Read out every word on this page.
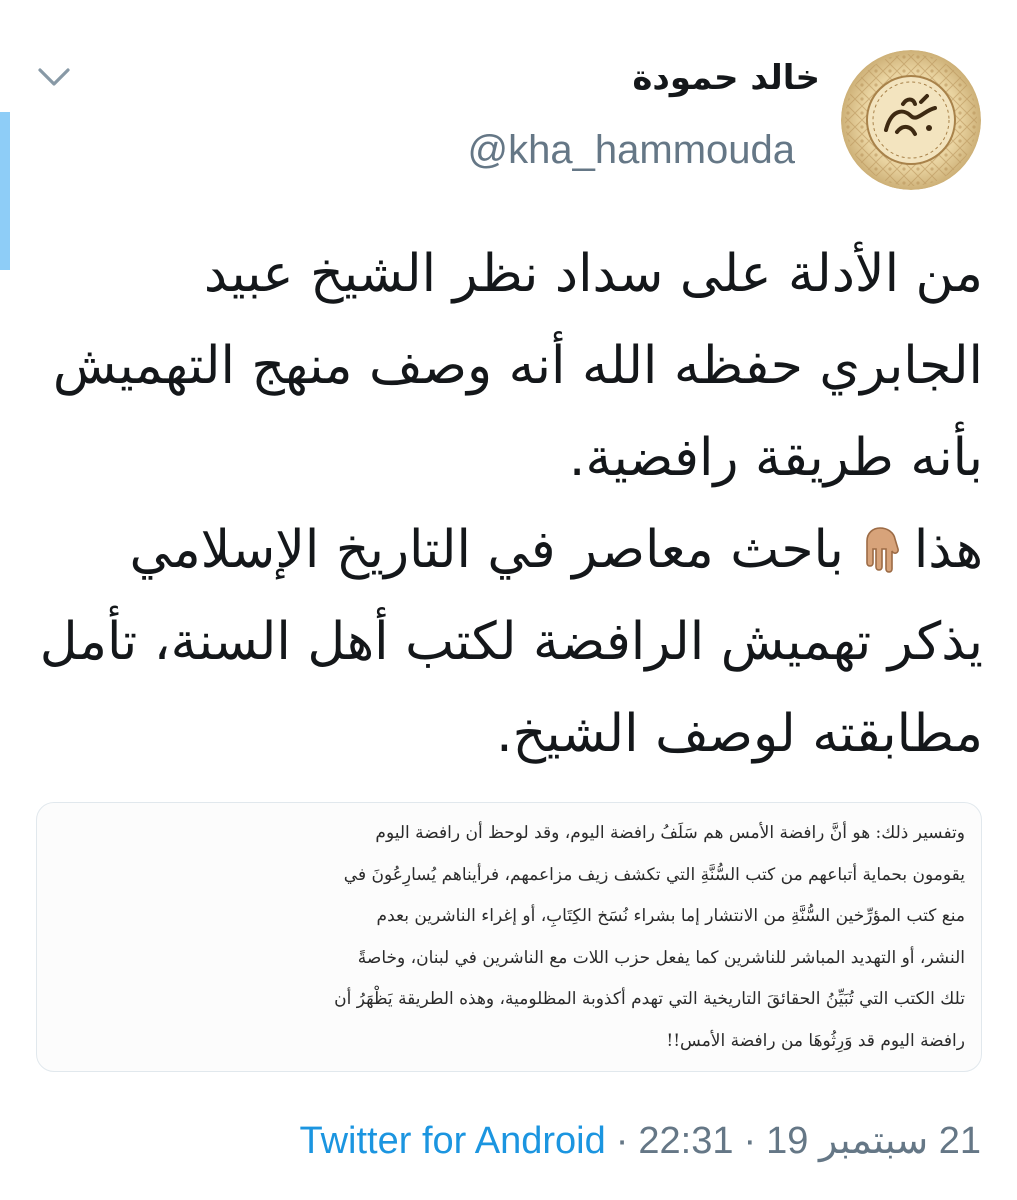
خالد حمودة
@kha_hammouda
من الأدلة على سداد نظر الشيخ عبيد
الجابري حفظه الله أنه وصف منهج التهميش
بأنه طريقة رافضية.
هذاباحث معاصر في التاريخ الإسلامي
يذكر تهميش الرافضة لكتب أهل السنة، تأمل
مطابقته لوصف الشيخ.
وتفسير ذلك: هو أنَّ رافضة الأمس هم سَلَفُ رافضة اليوم، وقد لوحظ أن رافضة اليوم
يقومون بحماية أتباعهم من كتب السُّنَّةِ التي تكشف زيف مزاعمهم، فرأيناهم يُسارِعُونَ في
منع كتب المؤرِّخين السُّنَّةِ من الانتشار إما بشراء نُسَخ الكِتَابِ، أو إغراء الناشرين بعدم
النشر، أو التهديد المباشر للناشرين كما يفعل حزب اللات مع الناشرين في لبنان، وخاصةً
تلك الكتب التي تُبَيِّنُ الحقائقَ التاريخية التي تهدم أكذوبة المظلومية، وهذه الطريقة يَظْهَرُ أن
رافضة اليوم قد وَرِثُوهَا من رافضة الأمس!!
Twitter for Android ·	21 سبتمبر 19·22:31
